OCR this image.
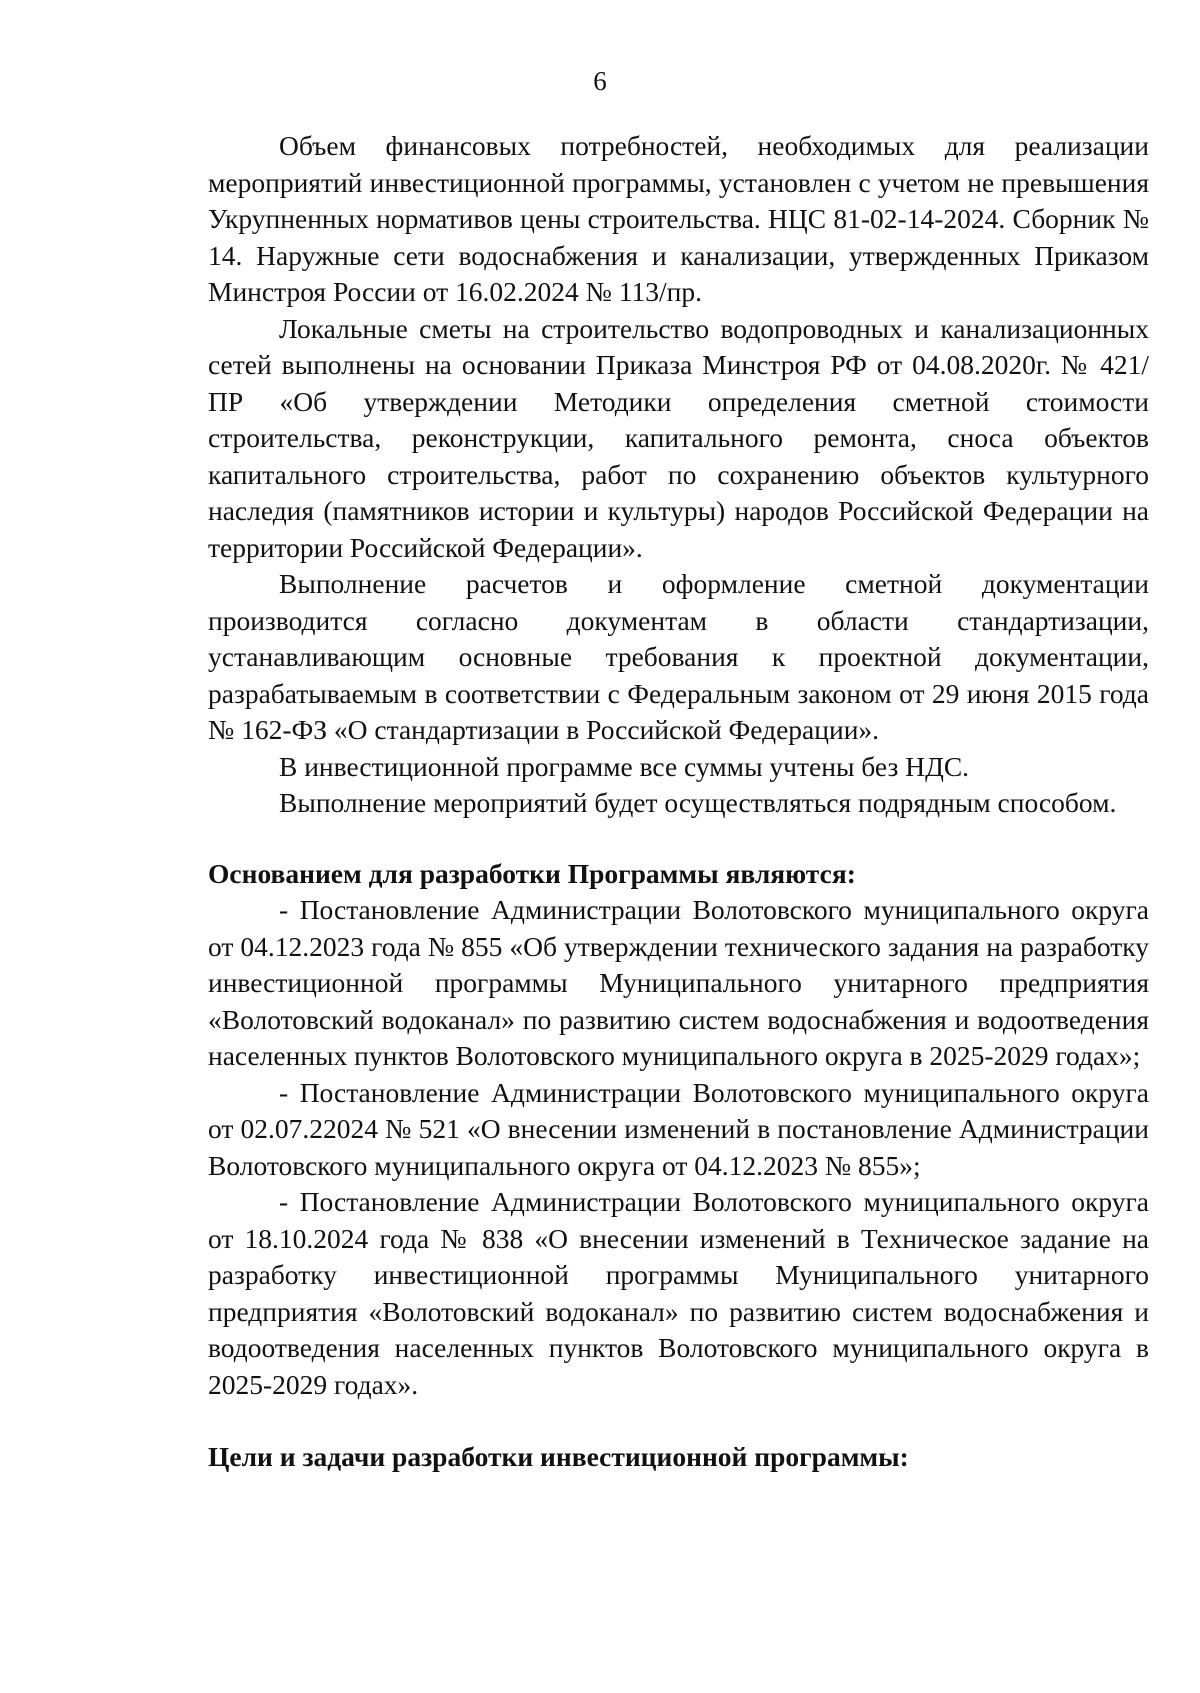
6

Объем финансовых потребностей, необходимых для реализации мероприятий инвестиционной программы, установлен с учетом не превышения Укрупненных нормативов цены строительства. НЦС 81-02-14-2024. Сборник № 14. Наружные сети водоснабжения и канализации, утвержденных Приказом Минстроя России от 16.02.2024 № 113/пр.

Локальные сметы на строительство водопроводных и канализационных сетей выполнены на основании Приказа Минстроя РФ от 04.08.2020г. № 421/ПР «Об утверждении Методики определения сметной стоимости строительства, реконструкции, капитального ремонта, сноса объектов капитального строительства, работ по сохранению объектов культурного наследия (памятников истории и культуры) народов Российской Федерации на территории Российской Федерации».

Выполнение расчетов и оформление сметной документации производится согласно документам в области стандартизации, устанавливающим основные требования к проектной документации, разрабатываемым в соответствии с Федеральным законом от 29 июня 2015 года № 162-ФЗ «О стандартизации в Российской Федерации».

В инвестиционной программе все суммы учтены без НДС.

Выполнение мероприятий будет осуществляться подрядным способом.

Основанием для разработки Программы являются:

- Постановление Администрации Волотовского муниципального округа от 04.12.2023 года № 855 «Об утверждении технического задания на разработку инвестиционной программы Муниципального унитарного предприятия «Волотовский водоканал» по развитию систем водоснабжения и водоотведения населенных пунктов Волотовского муниципального округа в 2025-2029 годах»;

- Постановление Администрации Волотовского муниципального округа от 02.07.22024 № 521 «О внесении изменений в постановление Администрации Волотовского муниципального округа от 04.12.2023 № 855»;

- Постановление Администрации Волотовского муниципального округа от 18.10.2024 года № 838 «О внесении изменений в Техническое задание на разработку инвестиционной программы Муниципального унитарного предприятия «Волотовский водоканал» по развитию систем водоснабжения и водоотведения населенных пунктов Волотовского муниципального округа в 2025-2029 годах».

Цели и задачи разработки инвестиционной программы:
